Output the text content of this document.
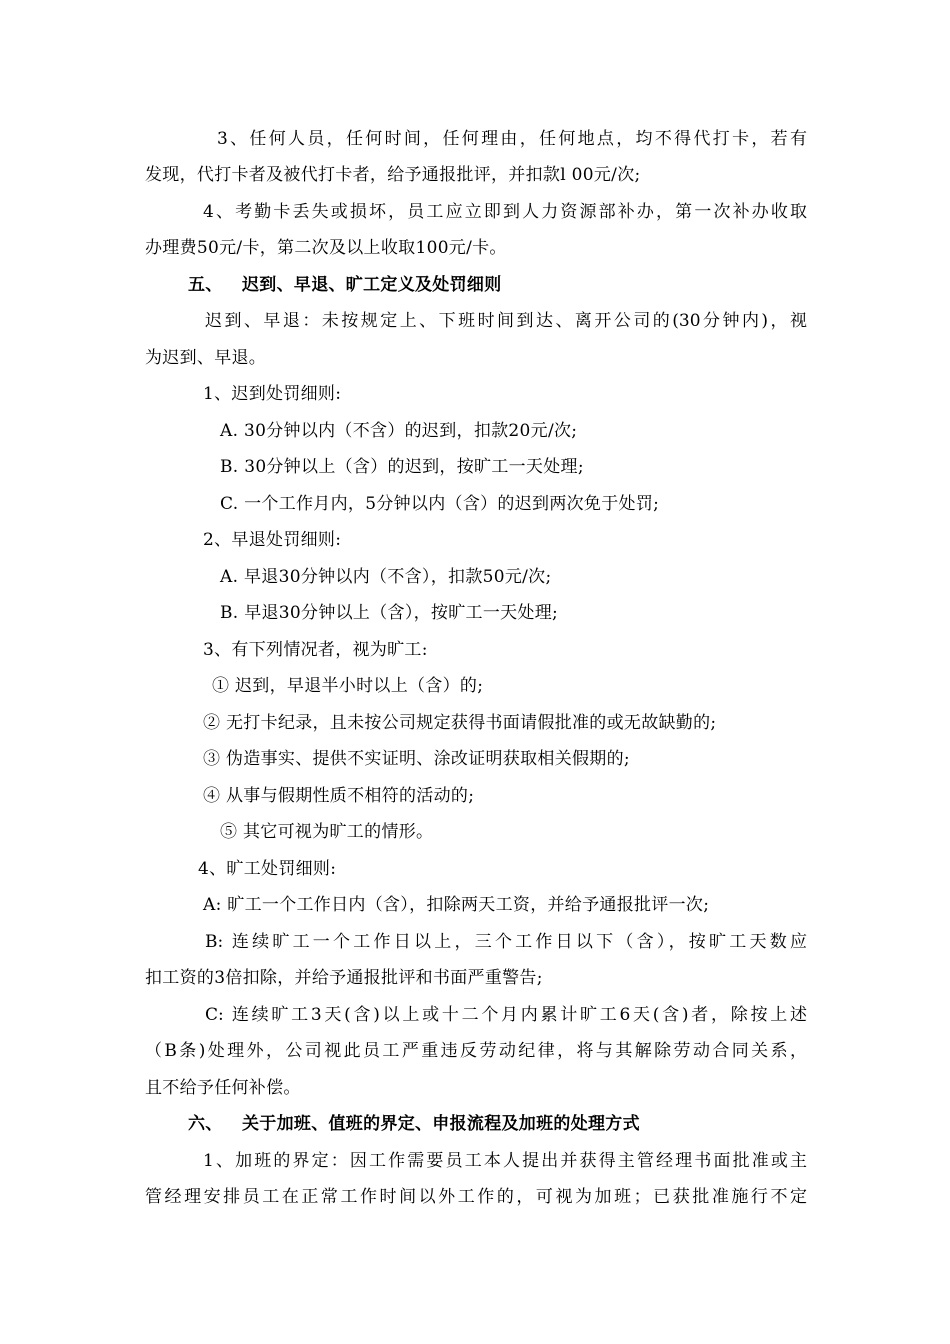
3、任何人员，任何时间，任何理由，任何地点，均不得代打卡，若有
发现，代打卡者及被代打卡者，给予通报批评，并扣款l 00元/次;
4、考勤卡丢失或损坏，员工应立即到人力资源部补办，第一次补办收取
办理费50元/卡，第二次及以上收取100元/卡。
五、 迟到、早退、旷工定义及处罚细则
迟到、早退：未按规定上、下班时间到达、离开公司的(30分钟内)，视
为迟到、早退。
1、迟到处罚细则:
A. 30分钟以内（不含）的迟到，扣款20元/次;
B. 30分钟以上（含）的迟到，按旷工一天处理;
C. 一个工作月内，5分钟以内（含）的迟到两次免于处罚;
2、早退处罚细则:
A. 早退30分钟以内（不含），扣款50元/次;
B. 早退30分钟以上（含），按旷工一天处理;
3、有下列情况者，视为旷工:
① 迟到，早退半小时以上（含）的;
② 无打卡纪录，且未按公司规定获得书面请假批准的或无故缺勤的;
③ 伪造事实、提供不实证明、涂改证明获取相关假期的;
④ 从事与假期性质不相符的活动的;
⑤ 其它可视为旷工的情形。
4、旷工处罚细则:
A: 旷工一个工作日内（含），扣除两天工资，并给予通报批评一次;
B: 连续旷工一个工作日以上，三个工作日以下（含），按旷工天数应
扣工资的3倍扣除，并给予通报批评和书面严重警告;
C: 连续旷工3天(含)以上或十二个月内累计旷工6天(含)者，除按上述
（B条)处理外，公司视此员工严重违反劳动纪律，将与其解除劳动合同关系，
且不给予任何补偿。
六、 关于加班、值班的界定、申报流程及加班的处理方式
1、加班的界定：因工作需要员工本人提出并获得主管经理书面批准或主
管经理安排员工在正常工作时间以外工作的，可视为加班；已获批准施行不定
